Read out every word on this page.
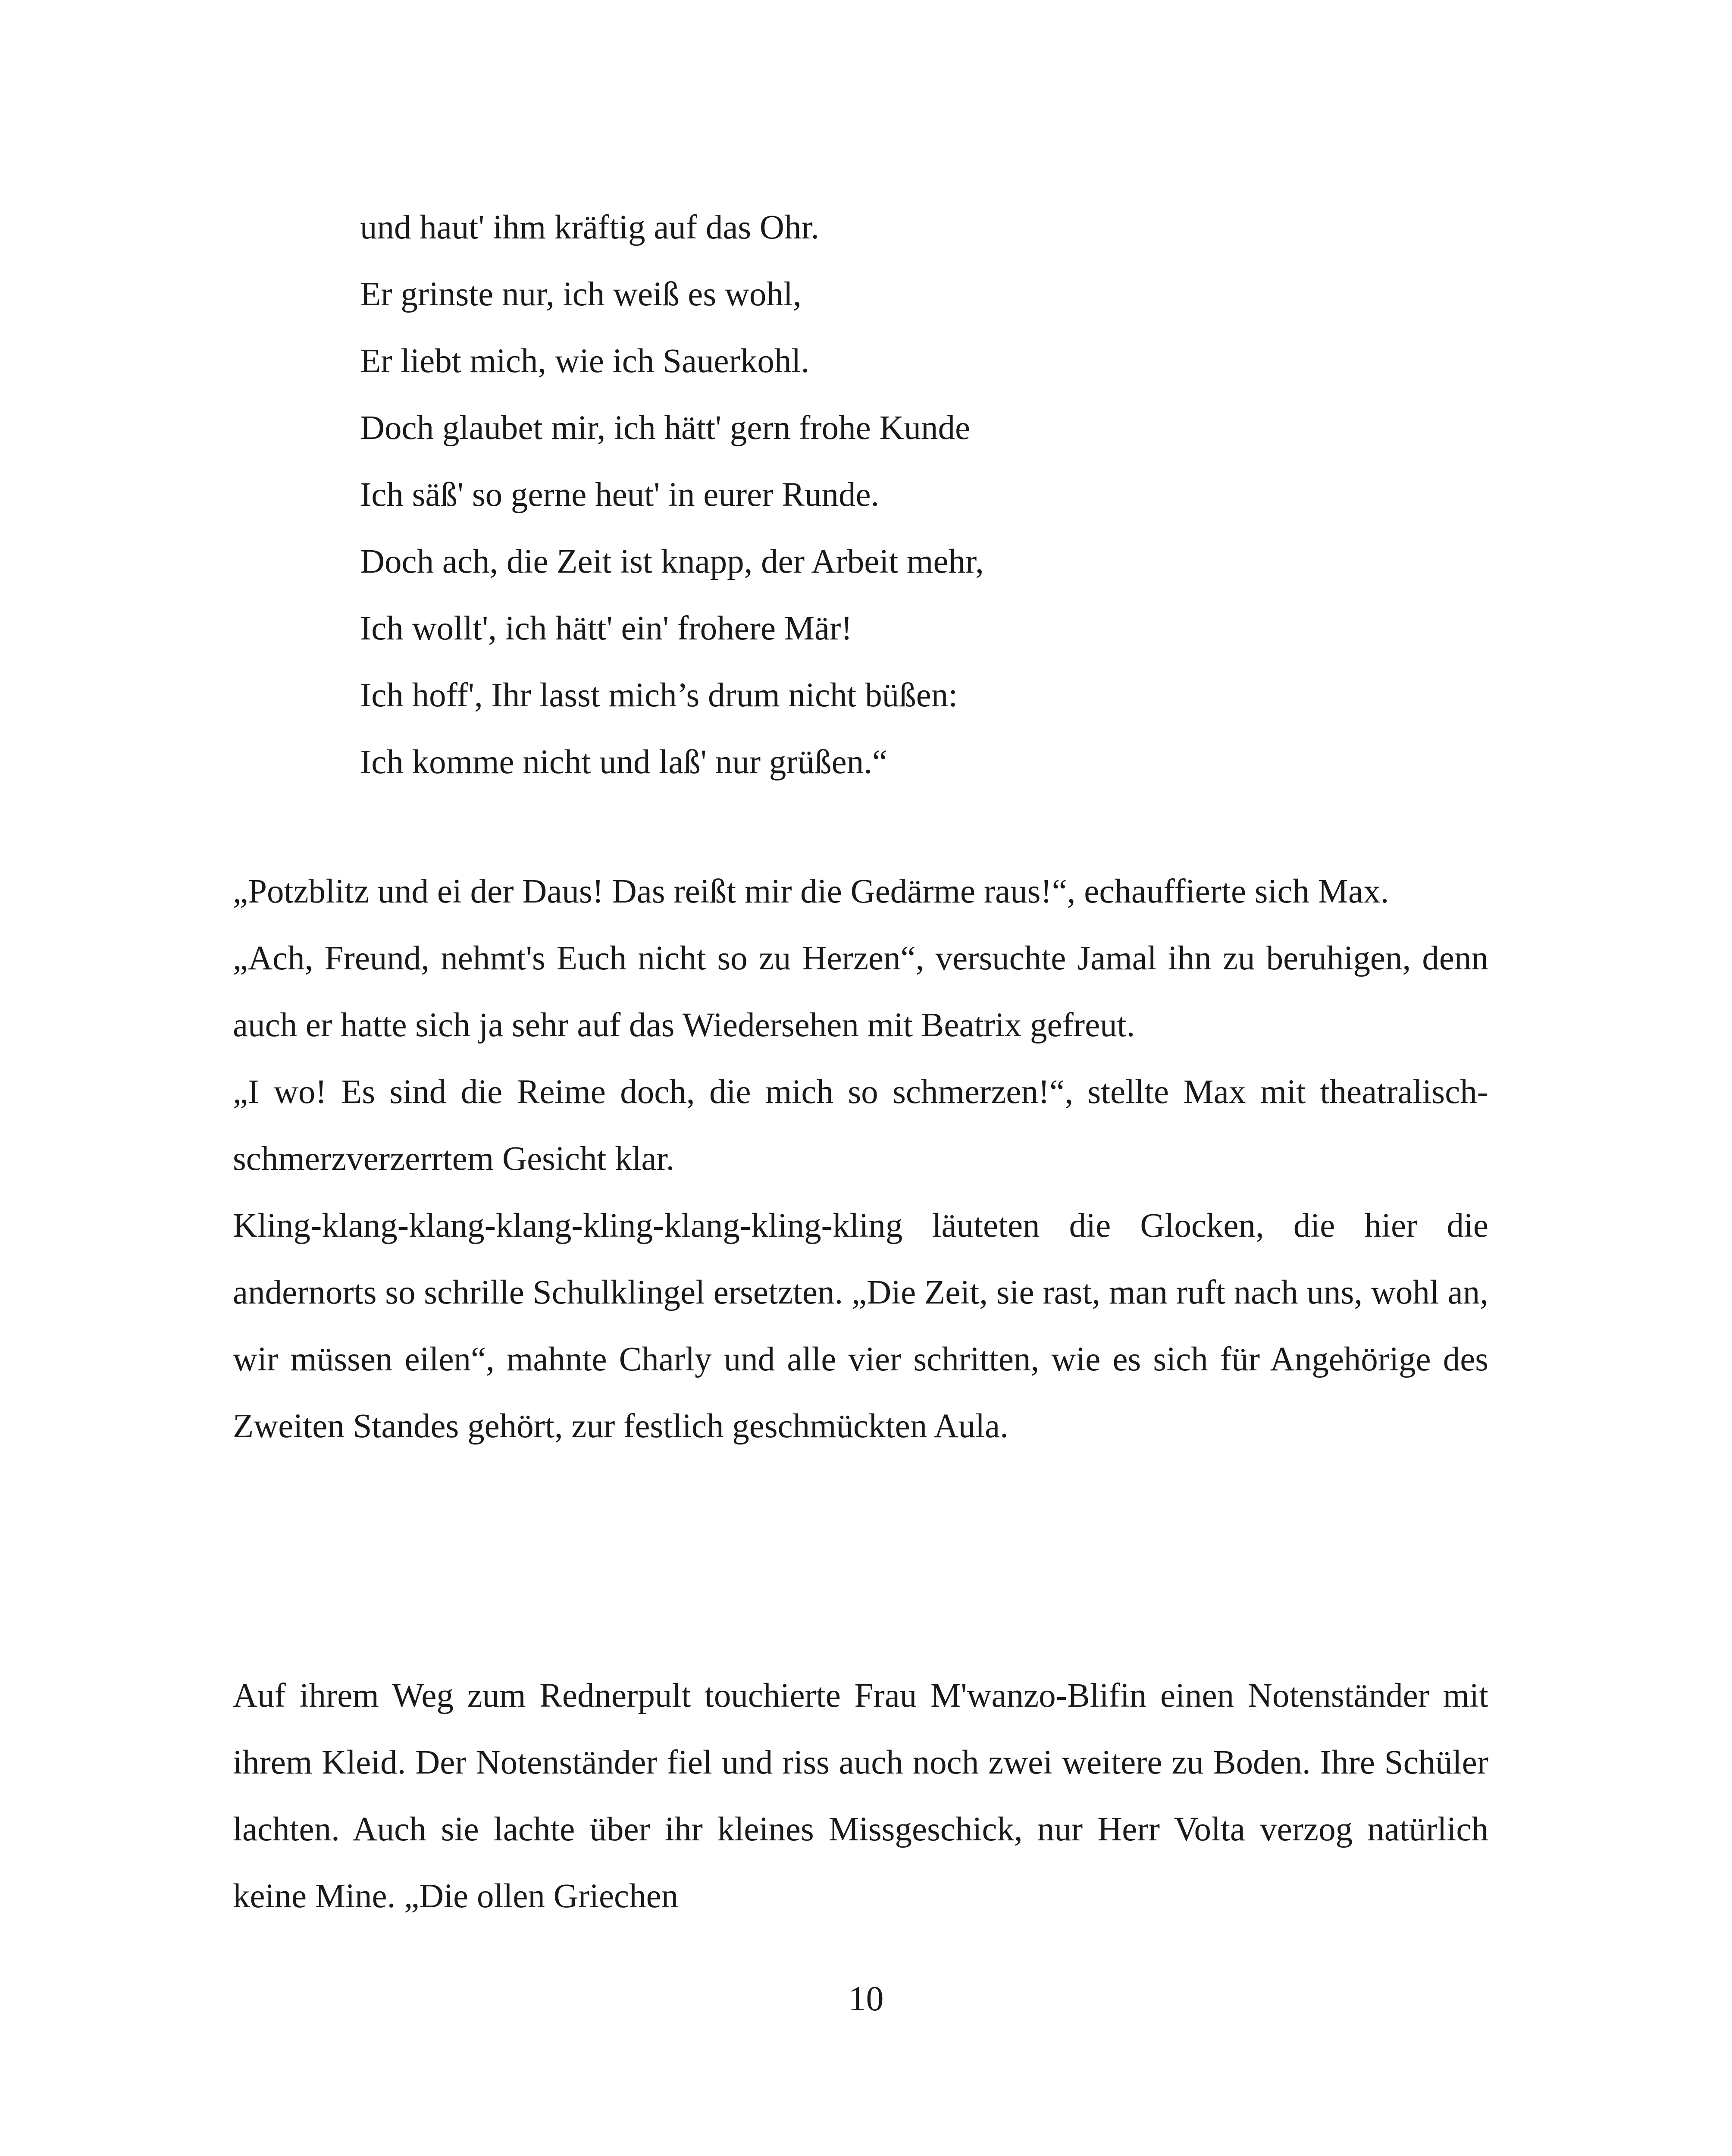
und haut' ihm kräftig auf das Ohr.
Er grinste nur, ich weiß es wohl,
Er liebt mich, wie ich Sauerkohl.
Doch glaubet mir, ich hätt' gern frohe Kunde
Ich säß' so gerne heut' in eurer Runde.
Doch ach, die Zeit ist knapp, der Arbeit mehr,
Ich wollt', ich hätt' ein' frohere Mär!
Ich hoff', Ihr lasst mich’s drum nicht büßen:
Ich komme nicht und laß' nur grüßen.“

„Potzblitz und ei der Daus! Das reißt mir die Gedärme raus!“, echauffierte sich Max.

„Ach, Freund, nehmt's Euch nicht so zu Herzen“, versuchte Jamal ihn zu beruhigen, denn auch er hatte sich ja sehr auf das Wiedersehen mit Beatrix gefreut.

„I wo! Es sind die Reime doch, die mich so schmerzen!“, stellte Max mit theatralisch-schmerzverzerrtem Gesicht klar.

Kling-klang-klang-klang-kling-klang-kling-kling läuteten die Glocken, die hier die andernorts so schrille Schulklingel ersetzten. „Die Zeit, sie rast, man ruft nach uns, wohl an, wir müssen eilen“, mahnte Charly und alle vier schritten, wie es sich für Angehörige des Zweiten Standes gehört, zur festlich geschmückten Aula.

Auf ihrem Weg zum Rednerpult touchierte Frau M'wanzo-Blifin einen Notenständer mit ihrem Kleid. Der Notenständer fiel und riss auch noch zwei weitere zu Boden. Ihre Schüler lachten. Auch sie lachte über ihr kleines Missgeschick, nur Herr Volta verzog natürlich keine Mine. „Die ollen Griechen

10
